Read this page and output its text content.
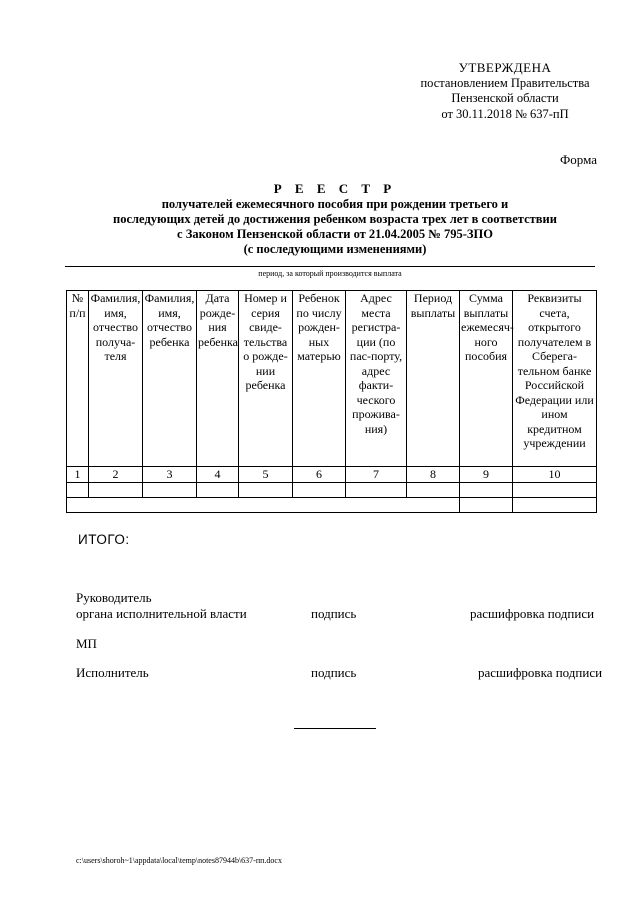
УТВЕРЖДЕНА
постановлением Правительства
Пензенской области
от 30.11.2018 № 637-пП
Форма
Р Е Е С Т Р
получателей ежемесячного пособия при рождении третьего и
последующих детей до достижения ребенком возраста трех лет в соответствии
с Законом Пензенской области от 21.04.2005 № 795-ЗПО
(с последующими изменениями)
период, за который производится выплата
№ п/п	Фамилия, имя, отчество получа-теля	Фамилия, имя, отчество ребенка	Дата рожде-ния ребенка	Номер и серия свиде-тельства о рожде-нии ребенка	Ребенок по числу рожден-ных матерью	Адрес места регистра-ции (по пас-порту, адрес факти-ческого прожива-ния)	Период выплаты	Сумма выплаты ежемесяч-ного пособия	Реквизиты счета, открытого получателем в Сберега-тельном банке Российской Федерации или ином кредитном учреждении
1	2	3	4	5	6	7	8	9	10

ИТОГО:
Руководитель
органа исполнительной власти	подпись	расшифровка подписи
МП
Исполнитель	подпись	расшифровка подписи
c:\users\shoroh~1\appdata\local\temp\notes87944b\637-пп.docx
